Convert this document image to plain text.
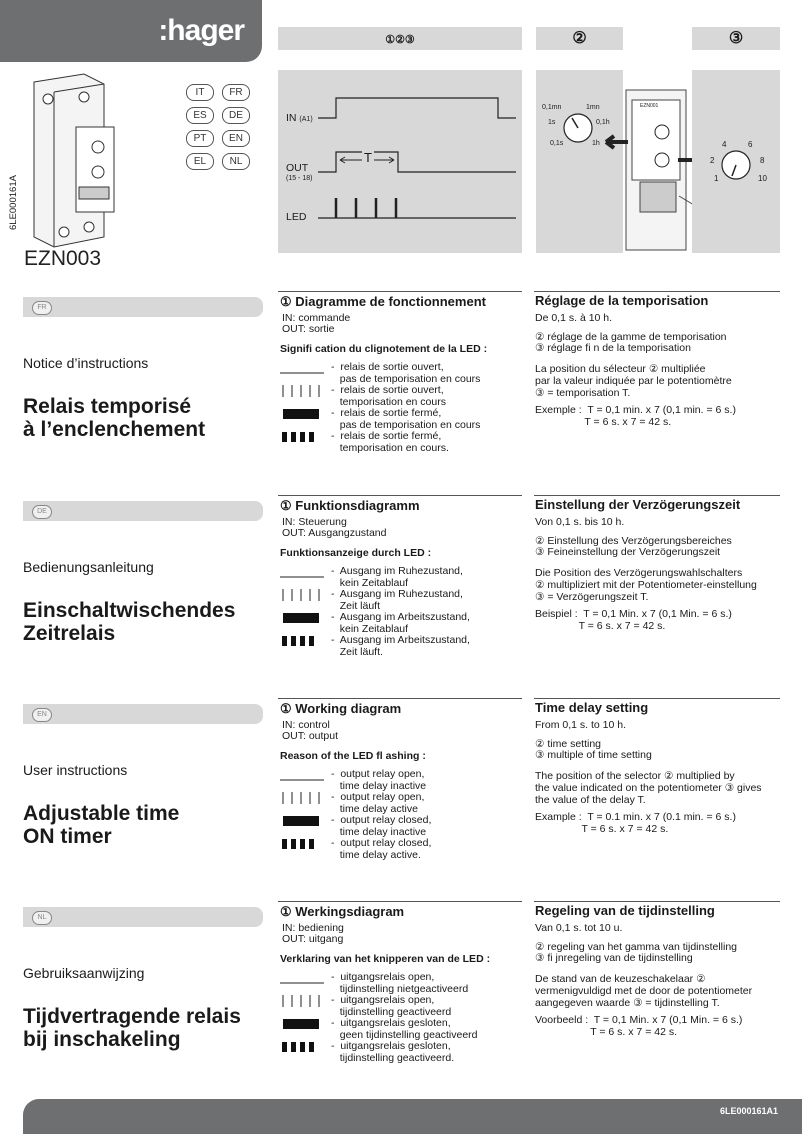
:hager	①②③	②	③
6LE000161A
IT	FR
ES	DE
PT	EN
EL	NL
EZN003
IN (A1)
OUT
(15 - 18)
LED
T
0,1mn	1mn
1s	0,1h
0,1s	1h
EZN001
4	6
2	8
1	10
FR
Notice d’instructions
Relais temporisé
à l’enclenchement
① Diagramme de fonctionnement
IN: commande
OUT: sortie
Signifi cation du clignotement de la LED :
-  relais de sortie ouvert,
pas de temporisation en cours
-  relais de sortie ouvert,
temporisation en cours
-  relais de sortie fermé,
pas de temporisation en cours
-  relais de sortie fermé,
temporisation en cours.
Réglage de la temporisation
De 0,1 s. à 10 h.
② réglage de la gamme de temporisation
③ réglage fi n de la temporisation
La position du sélecteur ② multipliée
par la valeur indiquée par le potentiomètre
③ = temporisation T.
Exemple :  T = 0,1 min. x 7 (0,1 min. = 6 s.)
T = 6 s. x 7 = 42 s.
DE
Bedienungsanleitung
Einschaltwischendes
Zeitrelais
① Funktionsdiagramm
IN: Steuerung
OUT: Ausgangzustand
Funktionsanzeige durch LED :
-  Ausgang im Ruhezustand,
kein Zeitablauf
-  Ausgang im Ruhezustand,
Zeit läuft
-  Ausgang im Arbeitszustand,
kein Zeitablauf
-  Ausgang im Arbeitszustand,
Zeit läuft.
Einstellung der Verzögerungszeit
Von 0,1 s. bis 10 h.
② Einstellung des Verzögerungsbereiches
③ Feineinstellung der Verzögerungszeit
Die Position des Verzögerungswahlschalters
② multipliziert mit der Potentiometer-einstellung
③ = Verzögerungszeit T.
Beispiel :  T = 0,1 Min. x 7 (0,1 Min. = 6 s.)
T = 6 s. x 7 = 42 s.
EN
User instructions
Adjustable time
ON timer
① Working diagram
IN: control
OUT: output
Reason of the LED fl ashing :
-  output relay open,
time delay inactive
-  output relay open,
time delay active
-  output relay closed,
time delay inactive
-  output relay closed,
time delay active.
Time delay setting
From 0,1 s. to 10 h.
② time setting
③ multiple of time setting
The position of the selector ② multiplied by
the value indicated on the potentiometer ③ gives
the value of the delay T.
Example :  T = 0.1 min. x 7 (0.1 min. = 6 s.)
T = 6 s. x 7 = 42 s.
NL
Gebruiksaanwijzing
Tijdvertragende relais
bij inschakeling
① Werkingsdiagram
IN: bediening
OUT: uitgang
Verklaring van het knipperen van de LED :
-  uitgangsrelais open,
tijdinstelling nietgeactiveerd
-  uitgangsrelais open,
tijdinstelling geactiveerd
-  uitgangsrelais gesloten,
geen tijdinstelling geactiveerd
-  uitgangsrelais gesloten,
tijdinstelling geactiveerd.
Regeling van de tijdinstelling
Van 0,1 s. tot 10 u.
② regeling van het gamma van tijdinstelling
③ fi jnregeling van de tijdinstelling
De stand van de keuzeschakelaar ②
vermenigvuldigd met de door de potentiometer
aangegeven waarde ③ = tijdinstelling T.
Voorbeeld :  T = 0,1 Min. x 7 (0,1 Min. = 6 s.)
T = 6 s. x 7 = 42 s.
6LE000161A1
